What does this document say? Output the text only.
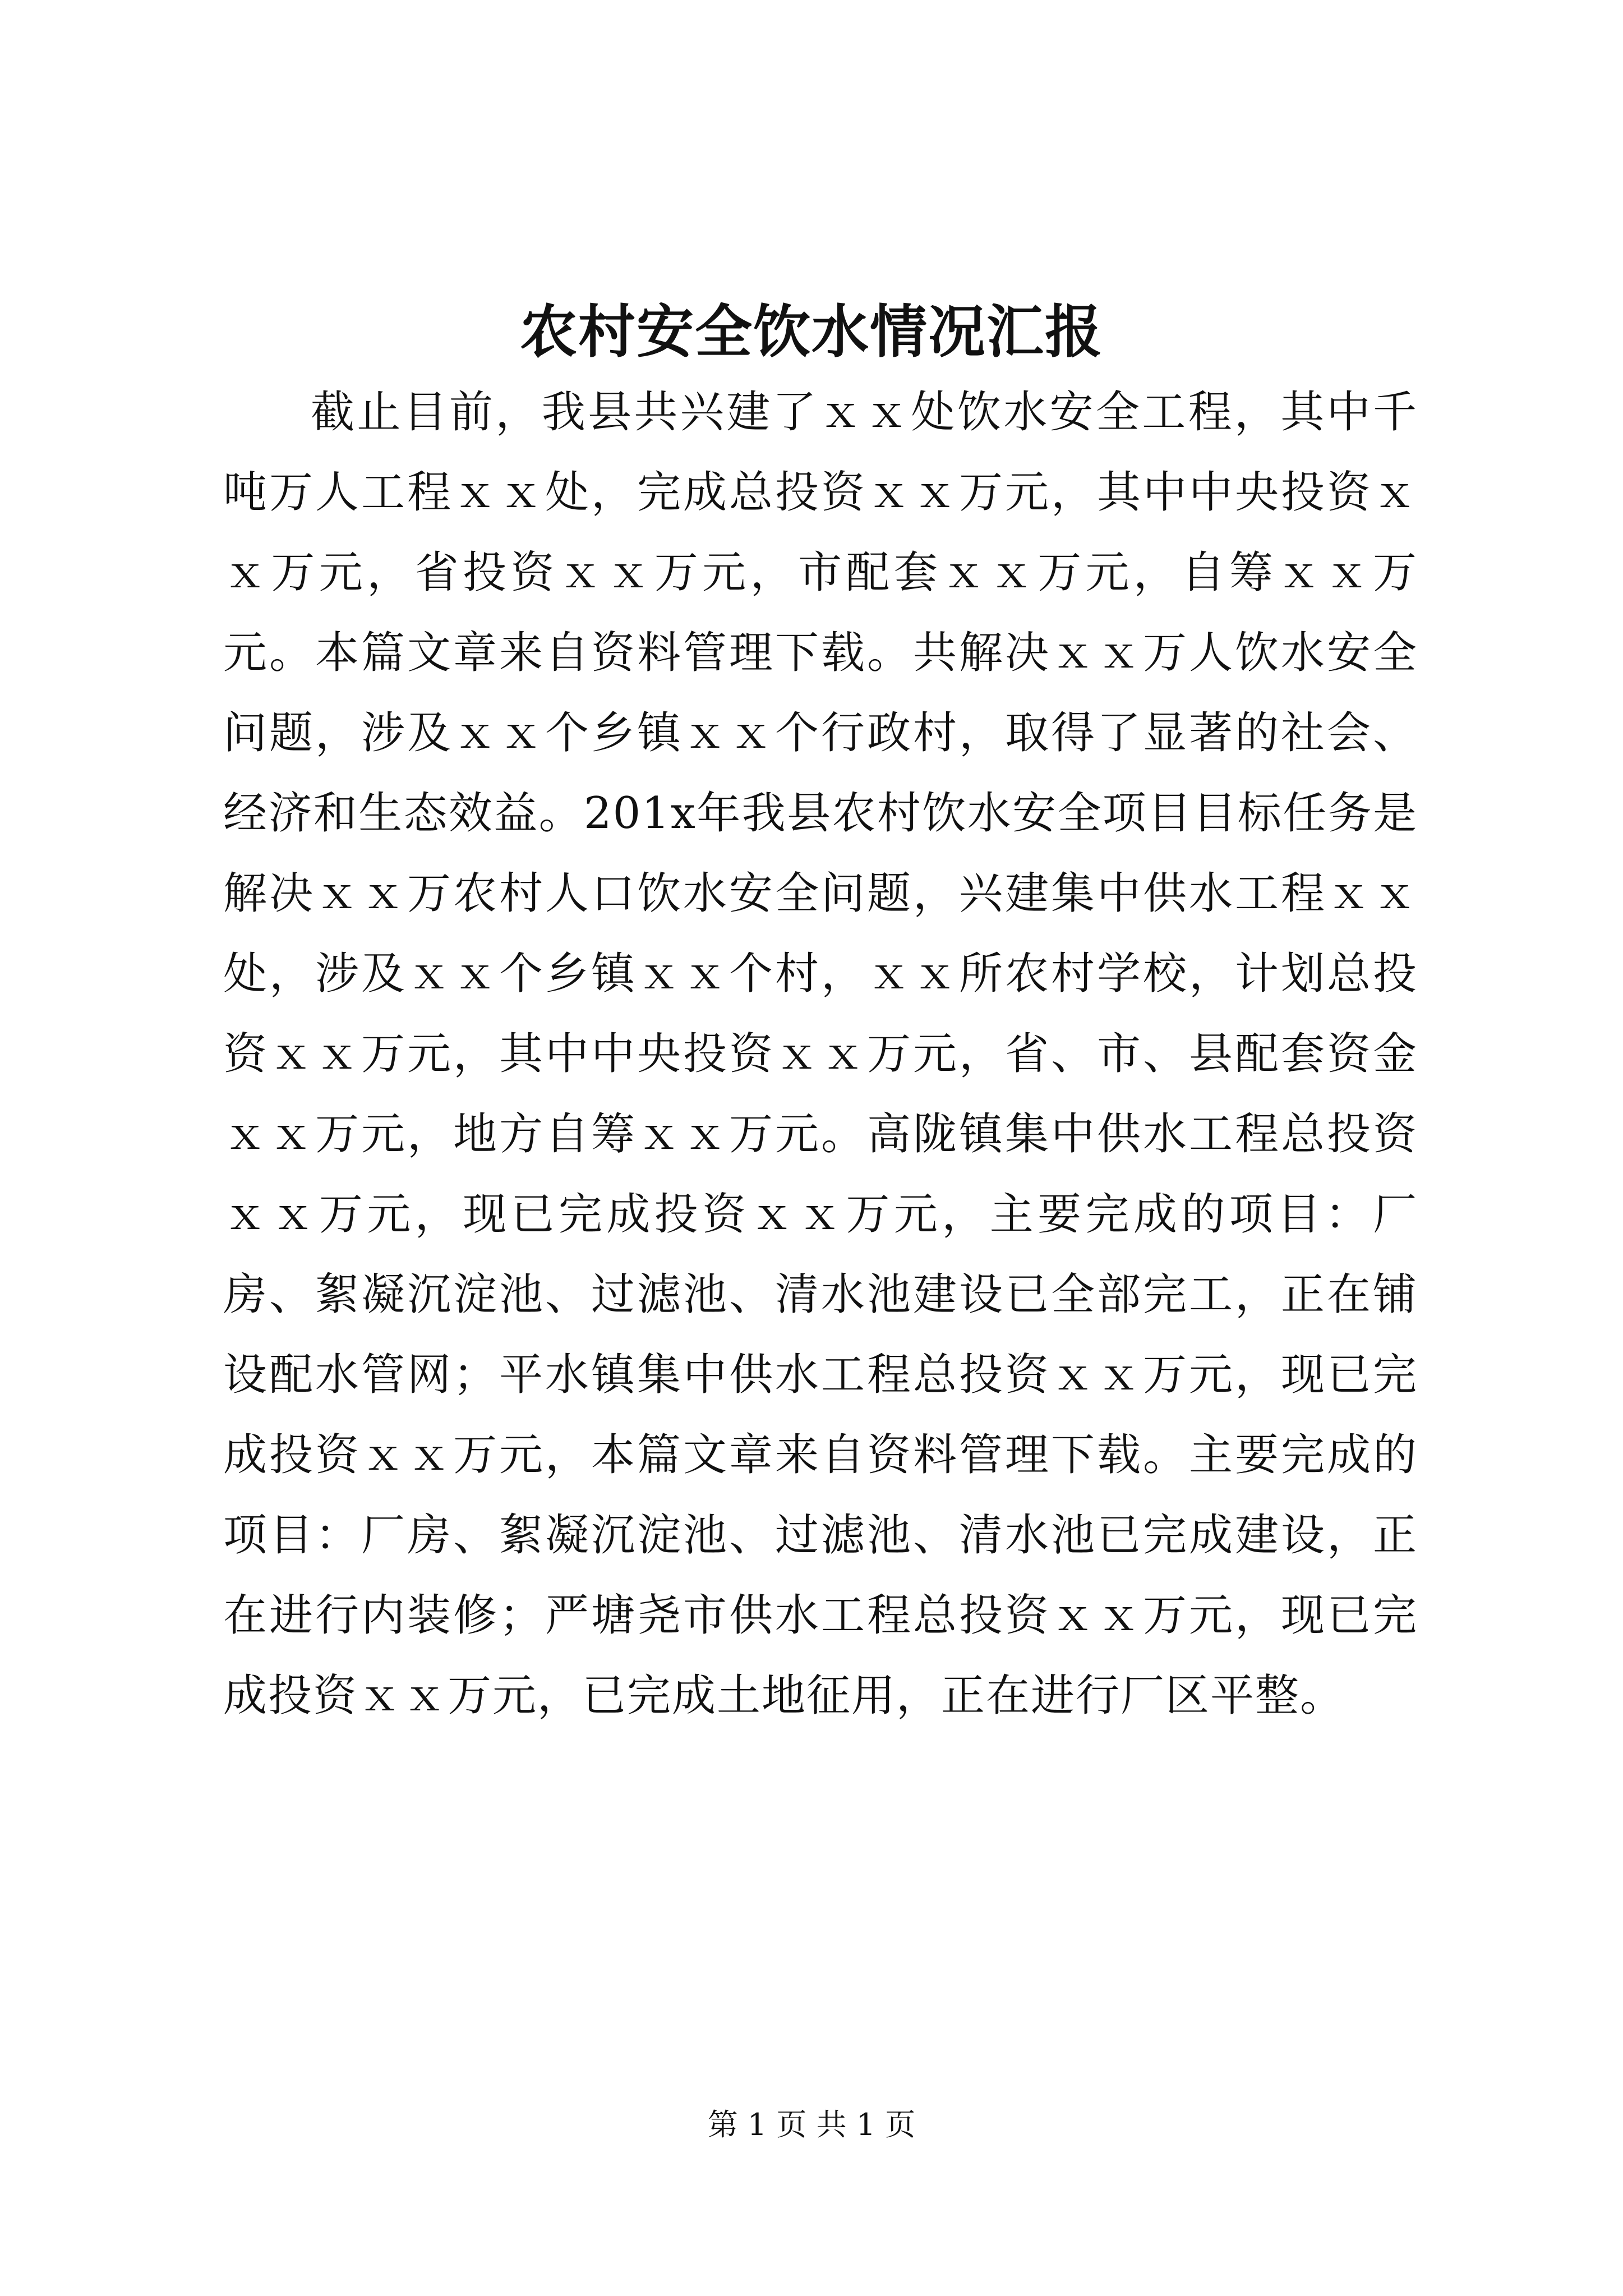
农村安全饮水情况汇报

截止目前，我县共兴建了ｘｘ处饮水安全工程，其中千吨万人工程ｘｘ处，完成总投资ｘｘ万元，其中中央投资ｘｘ万元，省投资ｘｘ万元，市配套ｘｘ万元，自筹ｘｘ万元。本篇文章来自资料管理下载。共解决ｘｘ万人饮水安全问题，涉及ｘｘ个乡镇ｘｘ个行政村，取得了显著的社会、经济和生态效益。201x年我县农村饮水安全项目目标任务是解决ｘｘ万农村人口饮水安全问题，兴建集中供水工程ｘｘ处，涉及ｘｘ个乡镇ｘｘ个村，ｘｘ所农村学校，计划总投资ｘｘ万元，其中中央投资ｘｘ万元，省、市、县配套资金ｘｘ万元，地方自筹ｘｘ万元。高陇镇集中供水工程总投资ｘｘ万元，现已完成投资ｘｘ万元，主要完成的项目：厂房、絮凝沉淀池、过滤池、清水池建设已全部完工，正在铺设配水管网；平水镇集中供水工程总投资ｘｘ万元，现已完成投资ｘｘ万元，本篇文章来自资料管理下载。主要完成的项目：厂房、絮凝沉淀池、过滤池、清水池已完成建设，正在进行内装修；严塘尧市供水工程总投资ｘｘ万元，现已完成投资ｘｘ万元，已完成土地征用，正在进行厂区平整。

第 1 页 共 1 页
